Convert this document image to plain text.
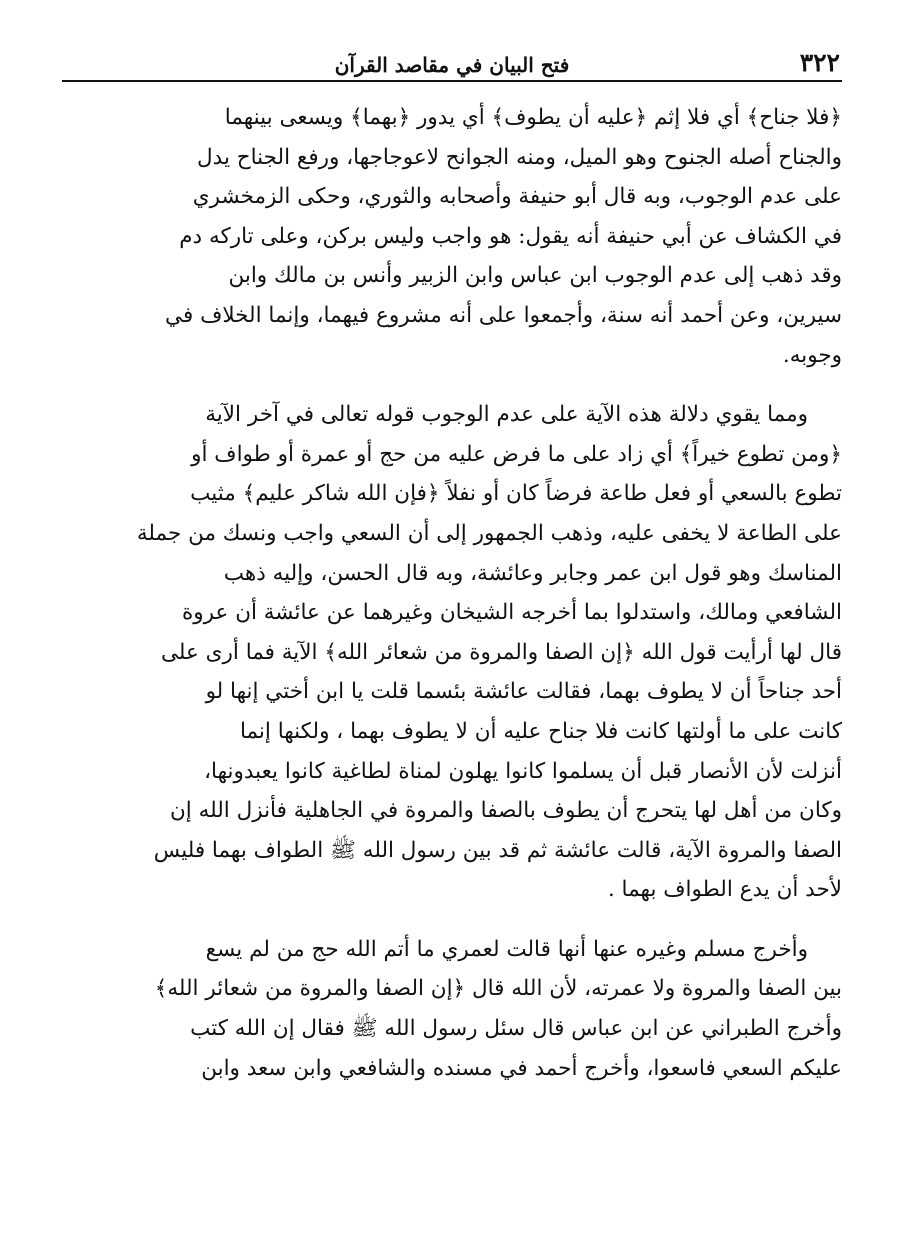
٣٢٢
فتح البيان في مقاصد القرآن

﴿فلا جناح﴾ أي فلا إثم ﴿عليه أن يطوف﴾ أي يدور ﴿بهما﴾ ويسعى بينهما
والجناح أصله الجنوح وهو الميل، ومنه الجوانح لاعوجاجها، ورفع الجناح يدل
على عدم الوجوب، وبه قال أبو حنيفة وأصحابه والثوري، وحكى الزمخشري
في الكشاف عن أبي حنيفة أنه يقول: هو واجب وليس بركن، وعلى تاركه دم
وقد ذهب إلى عدم الوجوب ابن عباس وابن الزبير وأنس بن مالك وابن
سيرين، وعن أحمد أنه سنة، وأجمعوا على أنه مشروع فيهما، وإنما الخلاف في
وجوبه.

ومما يقوي دلالة هذه الآية على عدم الوجوب قوله تعالى في آخر الآية
﴿ومن تطوع خيراً﴾ أي زاد على ما فرض عليه من حج أو عمرة أو طواف أو
تطوع بالسعي أو فعل طاعة فرضاً كان أو نفلاً ﴿فإن الله شاكر عليم﴾ مثيب
على الطاعة لا يخفى عليه، وذهب الجمهور إلى أن السعي واجب ونسك من جملة
المناسك وهو قول ابن عمر وجابر وعائشة، وبه قال الحسن، وإليه ذهب
الشافعي ومالك، واستدلوا بما أخرجه الشيخان وغيرهما عن عائشة أن عروة
قال لها أرأيت قول الله ﴿إن الصفا والمروة من شعائر الله﴾ الآية فما أرى على
أحد جناحاً أن لا يطوف بهما، فقالت عائشة بئسما قلت يا ابن أختي إنها لو
كانت على ما أولتها كانت فلا جناح عليه أن لا يطوف بهما ، ولكنها إنما
أنزلت لأن الأنصار قبل أن يسلموا كانوا يهلون لمناة لطاغية كانوا يعبدونها،
وكان من أهل لها يتحرج أن يطوف بالصفا والمروة في الجاهلية فأنزل الله إن
الصفا والمروة الآية، قالت عائشة ثم قد بين رسول الله ﷺ الطواف بهما فليس
لأحد أن يدع الطواف بهما .

وأخرج مسلم وغيره عنها أنها قالت لعمري ما أتم الله حج من لم يسع
بين الصفا والمروة ولا عمرته، لأن الله قال ﴿إن الصفا والمروة من شعائر الله﴾
وأخرج الطبراني عن ابن عباس قال سئل رسول الله ﷺ فقال إن الله كتب
عليكم السعي فاسعوا، وأخرج أحمد في مسنده والشافعي وابن سعد وابن
